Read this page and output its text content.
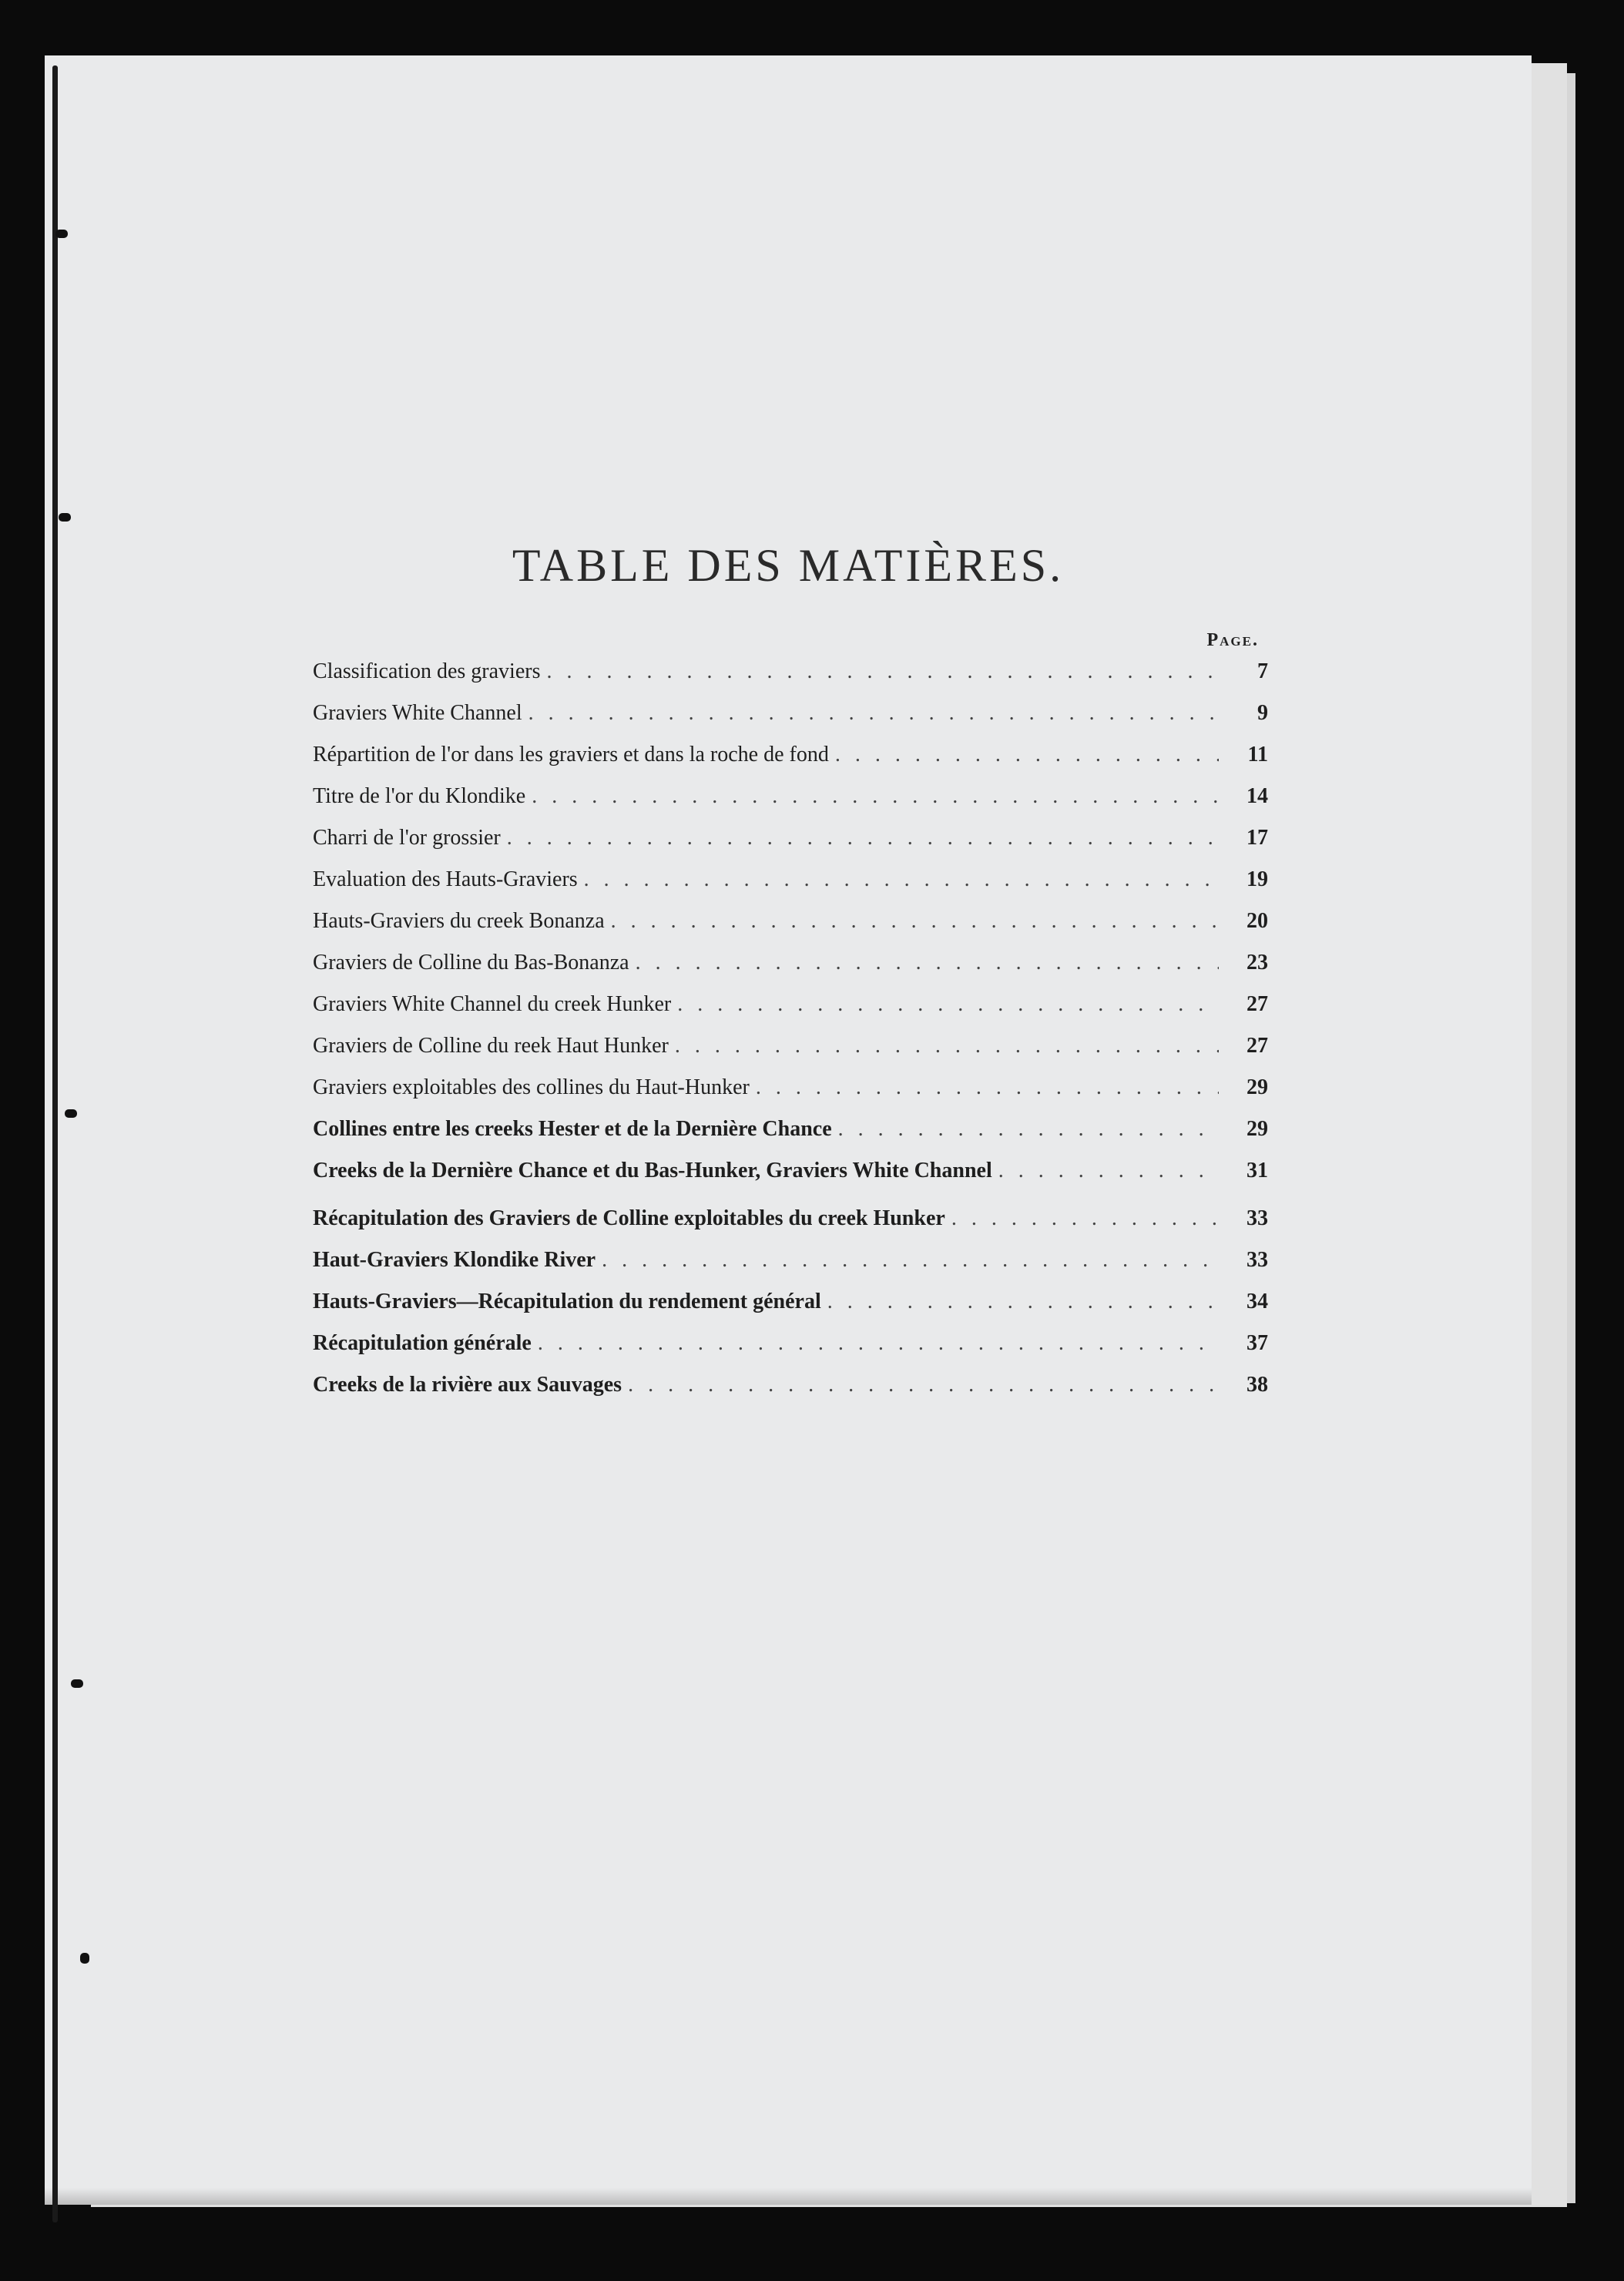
TABLE DES MATIÈRES.
Page.
Classification des graviers . . .	7
Graviers White Channel . . .	9
Répartition de l'or dans les graviers et dans la roche de fond . . .	11
Titre de l'or du Klondike . . .	14
Charri de l'or grossier . . .	17
Evaluation des Hauts-Graviers . . .	19
Hauts-Graviers du creek Bonanza . . .	20
Graviers de Colline du Bas-Bonanza . . .	23
Graviers White Channel du creek Hunker . . .	27
Graviers de Colline du reek Haut Hunker . . .	27
Graviers exploitables des collines du Haut-Hunker . . .	29
Collines entre les creeks Hester et de la Dernière Chance . . .	29
Creeks de la Dernière Chance et du Bas-Hunker, Graviers White Channel . . .	31
Récapitulation des Graviers de Colline exploitables du creek Hunker . . .	33
Haut-Graviers Klondike River . . .	33
Hauts-Graviers—Récapitulation du rendement général . . .	34
Récapitulation générale . . .	37
Creeks de la rivière aux Sauvages . . .	38
